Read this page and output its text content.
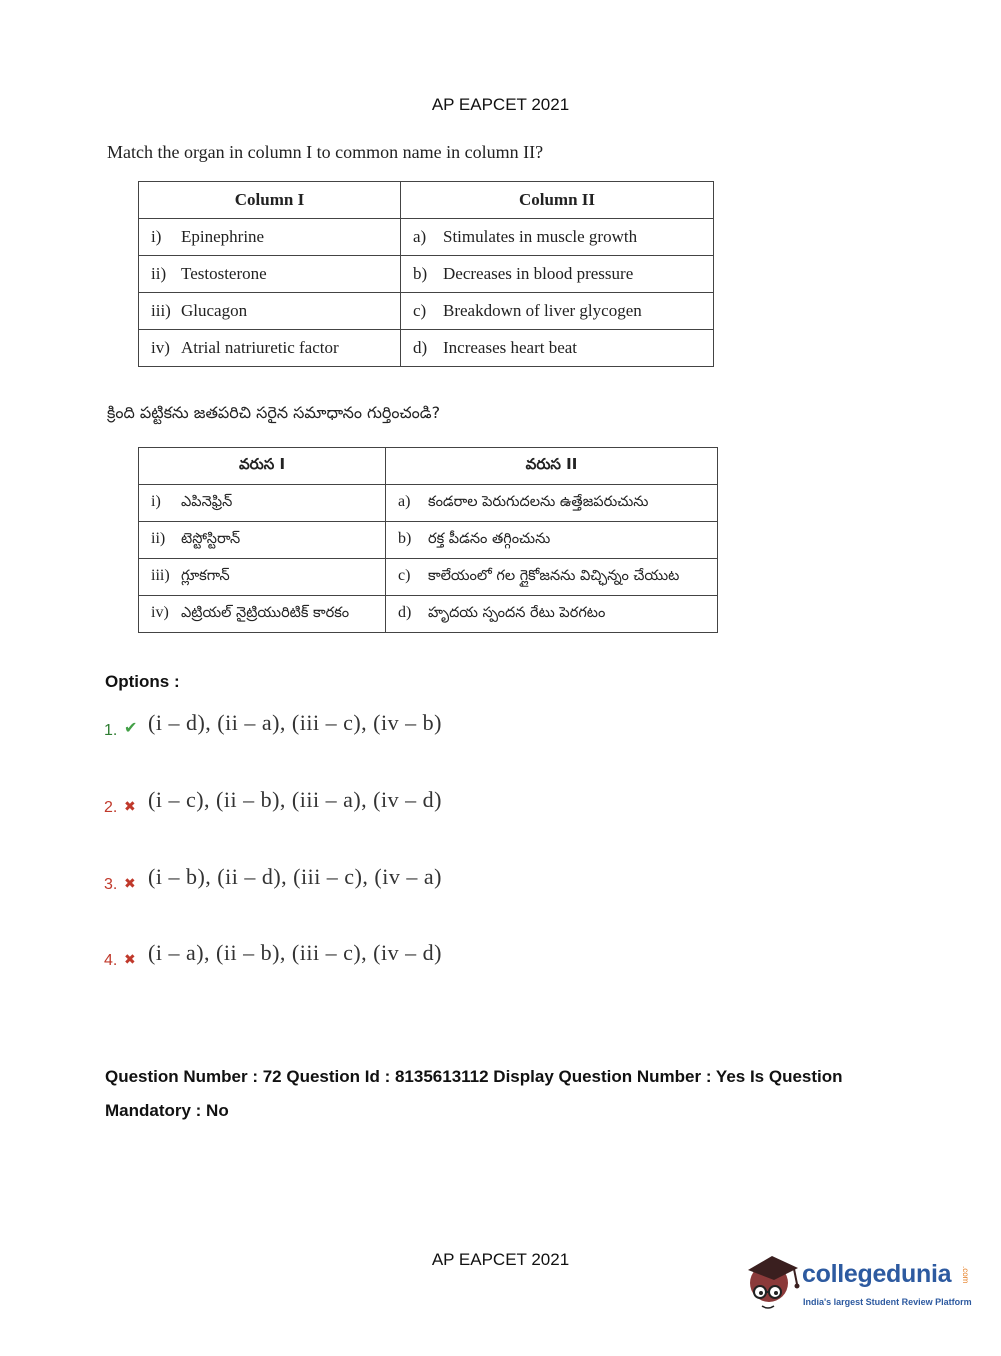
AP EAPCET 2021
Match the organ in column I to common name in column II?
Column I	Column II
i) Epinephrine	a) Stimulates in muscle growth
ii) Testosterone	b) Decreases in blood pressure
iii) Glucagon	c) Breakdown of liver glycogen
iv) Atrial natriuretic factor	d) Increases heart beat
క్రింది పట్టికను జతపరిచి సరైన సమాధానం గుర్తించండి?
వరుస I	వరుస II
i) ఎపినెఫ్రిన్	a) కండరాల పెరుగుదలను ఉత్తేజపరుచును
ii) టెస్టోస్టిరాన్	b) రక్త పీడనం తగ్గించును
iii) గ్లూకగాన్	c) కాలేయంలో గల గ్లైకోజనను విచ్ఛిన్నం చేయుట
iv) ఎట్రియల్ నైట్రియురిటిక్ కారకం	d) హృదయ స్పందన రేటు పెరగటం
Options :
1. ✔ (i – d), (ii – a), (iii – c), (iv – b)
2. ✖ (i – c), (ii – b), (iii – a), (iv – d)
3. ✖ (i – b), (ii – d), (iii – c), (iv – a)
4. ✖ (i – a), (ii – b), (iii – c), (iv – d)
Question Number : 72 Question Id : 8135613112 Display Question Number : Yes Is Question Mandatory : No
AP EAPCET 2021
collegedunia .com
India's largest Student Review Platform
